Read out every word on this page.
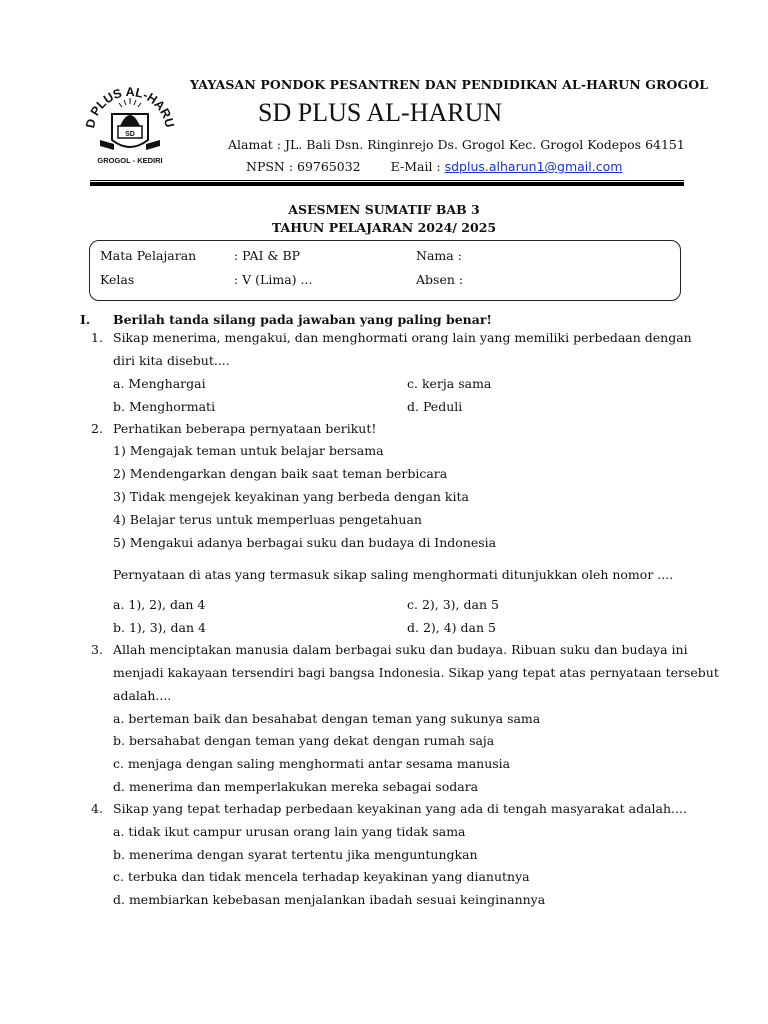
D PLUS AL-HARU
SD
GROGOL - KEDIRI
YAYASAN PONDOK PESANTREN DAN PENDIDIKAN AL-HARUN GROGOL
SD PLUS AL-HARUN
Alamat : JL. Bali Dsn. Ringinrejo Ds. Grogol Kec. Grogol Kodepos 64151
NPSN : 69765032 E-Mail : sdplus.alharun1@gmail.com
ASESMEN SUMATIF BAB 3
TAHUN PELAJARAN 2024/ 2025
Mata Pelajaran	: PAI & BP	Nama :
Kelas	: V (Lima) ...	Absen :
I. Berilah tanda silang pada jawaban yang paling benar!
1. Sikap menerima, mengakui, dan menghormati orang lain yang memiliki perbedaan dengan
diri kita disebut....
a. Menghargai	c. kerja sama
b. Menghormati	d. Peduli
2. Perhatikan beberapa pernyataan berikut!
1) Mengajak teman untuk belajar bersama
2) Mendengarkan dengan baik saat teman berbicara
3) Tidak mengejek keyakinan yang berbeda dengan kita
4) Belajar terus untuk memperluas pengetahuan
5) Mengakui adanya berbagai suku dan budaya di Indonesia
Pernyataan di atas yang termasuk sikap saling menghormati ditunjukkan oleh nomor ....
a. 1), 2), dan 4	c. 2), 3), dan 5
b. 1), 3), dan 4	d. 2), 4) dan 5
3. Allah menciptakan manusia dalam berbagai suku dan budaya. Ribuan suku dan budaya ini
menjadi kakayaan tersendiri bagi bangsa Indonesia. Sikap yang tepat atas pernyataan tersebut
adalah....
a. berteman baik dan besahabat dengan teman yang sukunya sama
b. bersahabat dengan teman yang dekat dengan rumah saja
c. menjaga dengan saling menghormati antar sesama manusia
d. menerima dan memperlakukan mereka sebagai sodara
4. Sikap yang tepat terhadap perbedaan keyakinan yang ada di tengah masyarakat adalah....
a. tidak ikut campur urusan orang lain yang tidak sama
b. menerima dengan syarat tertentu jika menguntungkan
c. terbuka dan tidak mencela terhadap keyakinan yang dianutnya
d. membiarkan kebebasan menjalankan ibadah sesuai keinginannya
